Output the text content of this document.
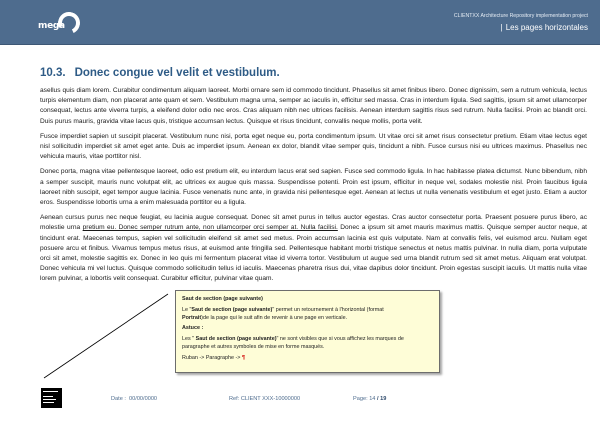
mega
CLIENTXX Architecture Repository implementation project
| Les pages horizontales
10.3. Donec congue vel velit et vestibulum.

asellus quis diam lorem. Curabitur condimentum aliquam laoreet. Morbi ornare sem id commodo tincidunt. Phasellus sit amet finibus libero. Donec dignissim, sem a rutrum vehicula, lectus turpis elementum diam, non placerat ante quam et sem. Vestibulum magna urna, semper ac iaculis in, efficitur sed massa. Cras in interdum ligula. Sed sagittis, ipsum sit amet ullamcorper consequat, lectus ante viverra turpis, a eleifend dolor odio nec eros. Cras aliquam nibh nec ultrices facilisis. Aenean interdum sagittis risus sed rutrum. Nulla facilisi. Proin ac blandit orci. Duis purus mauris, gravida vitae lacus quis, tristique accumsan lectus. Quisque et risus tincidunt, convallis neque mollis, porta velit.

Fusce imperdiet sapien ut suscipit placerat. Vestibulum nunc nisi, porta eget neque eu, porta condimentum ipsum. Ut vitae orci sit amet risus consectetur pretium. Etiam vitae lectus eget nisl sollicitudin imperdiet sit amet eget ante. Duis ac imperdiet ipsum. Aenean ex dolor, blandit vitae semper quis, tincidunt a nibh. Fusce cursus nisi eu ultrices maximus. Phasellus nec vehicula mauris, vitae porttitor nisl.

Donec porta, magna vitae pellentesque laoreet, odio est pretium elit, eu interdum lacus erat sed sapien. Fusce sed commodo ligula. In hac habitasse platea dictumst. Nunc bibendum, nibh a semper suscipit, mauris nunc volutpat elit, ac ultrices ex augue quis massa. Suspendisse potenti. Proin est ipsum, efficitur in neque vel, sodales molestie nisl. Proin faucibus ligula laoreet nibh suscipit, eget tempor augue lacinia. Fusce venenatis nunc ante, in gravida nisi pellentesque eget. Aenean at lectus ut nulla venenatis vestibulum et eget justo. Etiam a auctor eros. Suspendisse lobortis urna a enim malesuada porttitor eu a ligula.

Aenean cursus purus nec neque feugiat, eu lacinia augue consequat. Donec sit amet purus in tellus auctor egestas. Cras auctor consectetur porta. Praesent posuere purus libero, ac molestie urna pretium eu. Donec semper rutrum ante, non ullamcorper orci semper at. Nulla facilisi. Donec a ipsum sit amet mauris maximus mattis. Quisque semper auctor neque, at tincidunt erat. Maecenas tempus, sapien vel sollicitudin eleifend sit amet sed metus. Proin accumsan lacinia est quis vulputate. Nam at convallis felis, vel euismod arcu. Nullam eget posuere arcu et finibus. Vivamus tempus metus risus, at euismod ante fringilla sed. Pellentesque habitant morbi tristique senectus et netus mattis pulvinar. In nulla diam, porta vulputate orci sit amet, molestie sagittis ex. Donec in leo quis mi fermentum placerat vitae id viverra tortor. Vestibulum ut augue sed urna blandit rutrum sed sit amet metus. Aliquam erat volutpat. Donec vehicula mi vel luctus. Quisque commodo sollicitudin tellus id iaculis. Maecenas pharetra risus dui, vitae dapibus dolor tincidunt. Proin egestas suscipit iaculis. Ut mattis nulla vitae lorem pulvinar, a lobortis velit consequat. Curabitur efficitur, pulvinar vitae quam.

Saut de section (page suivante)
Le "Saut de section (page suivante)" permet un retournement à l'horizontal (format
Portrait)de la page qui le suit afin de revenir à une page en verticale.
Astuce :
Les " Saut de section (page suivante)" ne sont visibles que si vous affichez les marques de
paragraphe et autres symboles de mise en forme masqués.
Ruban -> Paragraphe -> ¶
Date : 00/00/0000	Ref: CLIENT XXX-10000000	Page: 14 / 19
